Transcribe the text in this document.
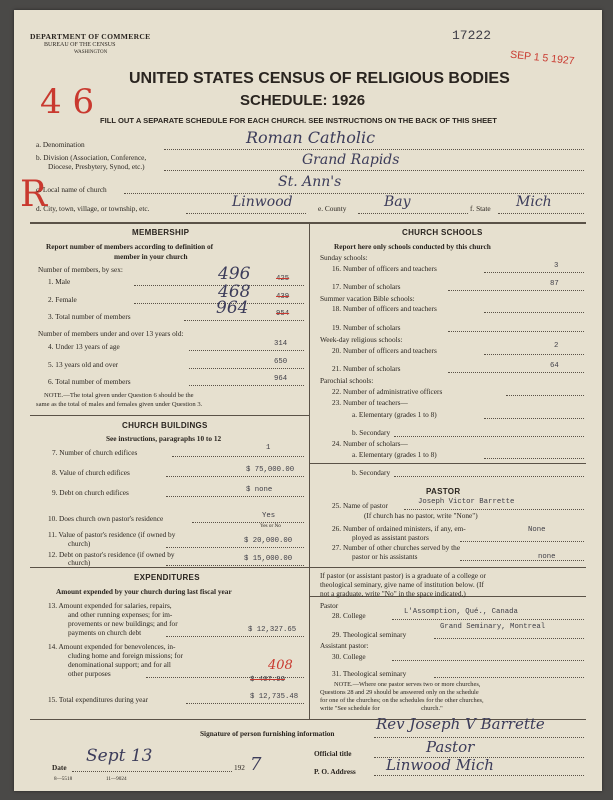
DEPARTMENT OF COMMERCE
BUREAU OF THE CENSUS
WASHINGTON
17222
SEP 1 5 1927
4 6
UNITED STATES CENSUS OF RELIGIOUS BODIES
SCHEDULE: 1926
FILL OUT A SEPARATE SCHEDULE FOR EACH CHURCH. SEE INSTRUCTIONS ON THE BACK OF THIS SHEET
a. Denomination	Roman Catholic
b. Division (Association, Conference,
Diocese, Presbytery, Synod, etc.)	Grand Rapids
R
c. Local name of church	St. Ann's
d. City, town, village, or township, etc.	Linwood	e. County	Bay	f. State Mich
MEMBERSHIP
Report number of members according to definition of
member in your church
Number of members, by sex:
1. Male	496	425
2. Female	468	439
3. Total number of members	964	954
Number of members under and over 13 years old:
4. Under 13 years of age	314
5. 13 years old and over	650
6. Total number of members	964
NOTE.—The total given under Question 6 should be the
same as the total of males and females given under Question 3.
CHURCH BUILDINGS
See instructions, paragraphs 10 to 12
7. Number of church edifices	1
8. Value of church edifices	$ 75,000.00
9. Debt on church edifices	$ none
10. Does church own pastor's residence	Yes
Yes or No
11. Value of pastor's residence (if owned by
church)	$ 20,000.00
12. Debt on pastor's residence (if owned by
church)	$ 15,000.00
EXPENDITURES
Amount expended by your church during last fiscal year
13. Amount expended for salaries, repairs,
and other running expenses; for im-
provements or new buildings; and for
payments on church debt	$ 12,327.65
14. Amount expended for benevolences, in-
cluding home and foreign missions; for
denominational support; and for all
other purposes
408
$ 407.90
15. Total expenditures during year	$ 12,735.48
CHURCH SCHOOLS
Report here only schools conducted by this church
Sunday schools:
16. Number of officers and teachers	3
17. Number of scholars	87
Summer vacation Bible schools:
18. Number of officers and teachers
19. Number of scholars
Week-day religious schools:
20. Number of officers and teachers	2
21. Number of scholars	64
Parochial schools:
22. Number of administrative officers
23. Number of teachers—
a. Elementary (grades 1 to 8)
b. Secondary
24. Number of scholars—
a. Elementary (grades 1 to 8)
b. Secondary
PASTOR
25. Name of pastor	Joseph Victor Barrette
(If church has no pastor, write "None")
26. Number of ordained ministers, if any, em-
ployed as assistant pastors
None
27. Number of other churches served by the
pastor or his assistants	none
If pastor (or assistant pastor) is a graduate of a college or
theological seminary, give name of institution below. (If
not a graduate, write "No" in the space indicated.)
Pastor
28. College	L'Assomption, Qué., Canada
29. Theological seminary
Grand Seminary, Montreal
Assistant pastor:
30. College
31. Theological seminary
NOTE.—Where one pastor serves two or more churches,
Questions 28 and 29 should be answered only on the schedule
for one of the churches; on the schedules for the other churches,
write "See schedule for                          church."
Signature of person furnishing information
Rev Joseph V Barrette
Official title	Pastor
Date
Sept 13
192 7	P. O. Address Linwood Mich
8—5518	11—9024
